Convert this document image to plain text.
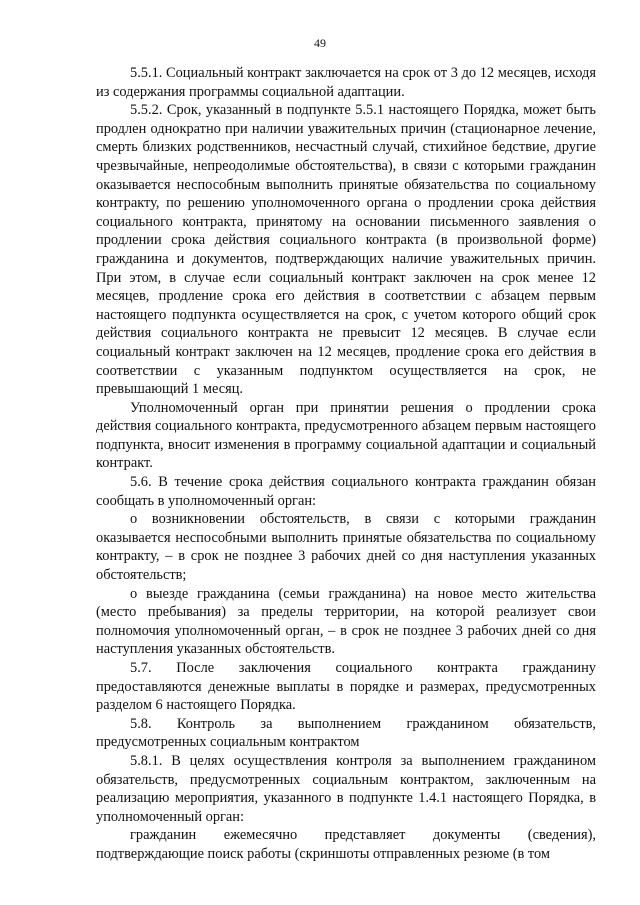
49

5.5.1. Социальный контракт заключается на срок от 3 до 12 месяцев, исходя из содержания программы социальной адаптации.

5.5.2. Срок, указанный в подпункте 5.5.1 настоящего Порядка, может быть продлен однократно при наличии уважительных причин (стационарное лечение, смерть близких родственников, несчастный случай, стихийное бедствие, другие чрезвычайные, непреодолимые обстоятельства), в связи с которыми гражданин оказывается неспособным выполнить принятые обязательства по социальному контракту, по решению уполномоченного органа о продлении срока действия социального контракта, принятому на основании письменного заявления о продлении срока действия социального контракта (в произвольной форме) гражданина и документов, подтверждающих наличие уважительных причин. При этом, в случае если социальный контракт заключен на срок менее 12 месяцев, продление срока его действия в соответствии с абзацем первым настоящего подпункта осуществляется на срок, с учетом которого общий срок действия социального контракта не превысит 12 месяцев. В случае если социальный контракт заключен на 12 месяцев, продление срока его действия в соответствии с указанным подпунктом осуществляется на срок, не превышающий 1 месяц.

Уполномоченный орган при принятии решения о продлении срока действия социального контракта, предусмотренного абзацем первым настоящего подпункта, вносит изменения в программу социальной адаптации и социальный контракт.

5.6. В течение срока действия социального контракта гражданин обязан сообщать в уполномоченный орган:

о возникновении обстоятельств, в связи с которыми гражданин оказывается неспособными выполнить принятые обязательства по социальному контракту, – в срок не позднее 3 рабочих дней со дня наступления указанных обстоятельств;

о выезде гражданина (семьи гражданина) на новое место жительства (место пребывания) за пределы территории, на которой реализует свои полномочия уполномоченный орган, – в срок не позднее 3 рабочих дней со дня наступления указанных обстоятельств.

5.7. После заключения социального контракта гражданину предоставляются денежные выплаты в порядке и размерах, предусмотренных разделом 6 настоящего Порядка.

5.8. Контроль за выполнением гражданином обязательств, предусмотренных социальным контрактом

5.8.1. В целях осуществления контроля за выполнением гражданином обязательств, предусмотренных социальным контрактом, заключенным на реализацию мероприятия, указанного в подпункте 1.4.1 настоящего Порядка, в уполномоченный орган:

гражданин ежемесячно представляет документы (сведения), подтверждающие поиск работы (скриншоты отправленных резюме (в том
